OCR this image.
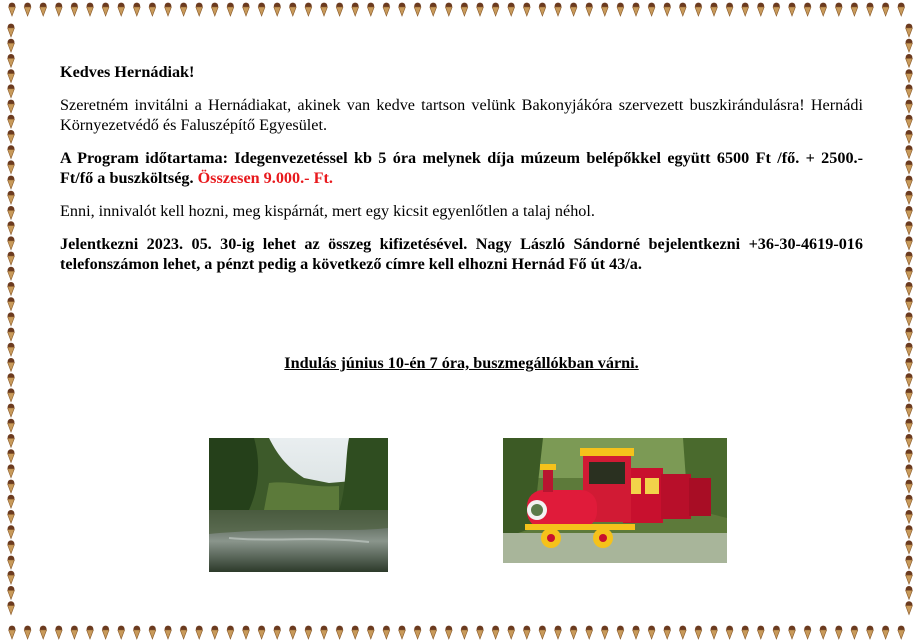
Kedves Hernádiak!

Szeretném invitálni a Hernádiakat, akinek van kedve tartson velünk Bakonyjákóra szervezett buszkirándulásra! Hernádi Környezetvédő és Faluszépítő Egyesület.

A Program időtartama: Idegenvezetéssel kb 5 óra melynek díja múzeum belépőkkel együtt 6500 Ft /fő. + 2500.- Ft/fő a buszköltség. Összesen 9.000.- Ft.

Enni, innivalót kell hozni, meg kispárnát, mert egy kicsit egyenlőtlen a talaj néhol.

Jelentkezni 2023. 05. 30-ig lehet az összeg kifizetésével. Nagy László Sándorné bejelentkezni +36-30-4619-016 telefonszámon lehet, a pénzt pedig a következő címre kell elhozni Hernád Fő út 43/a.

Indulás június 10-én 7 óra, buszmegállókban várni.
